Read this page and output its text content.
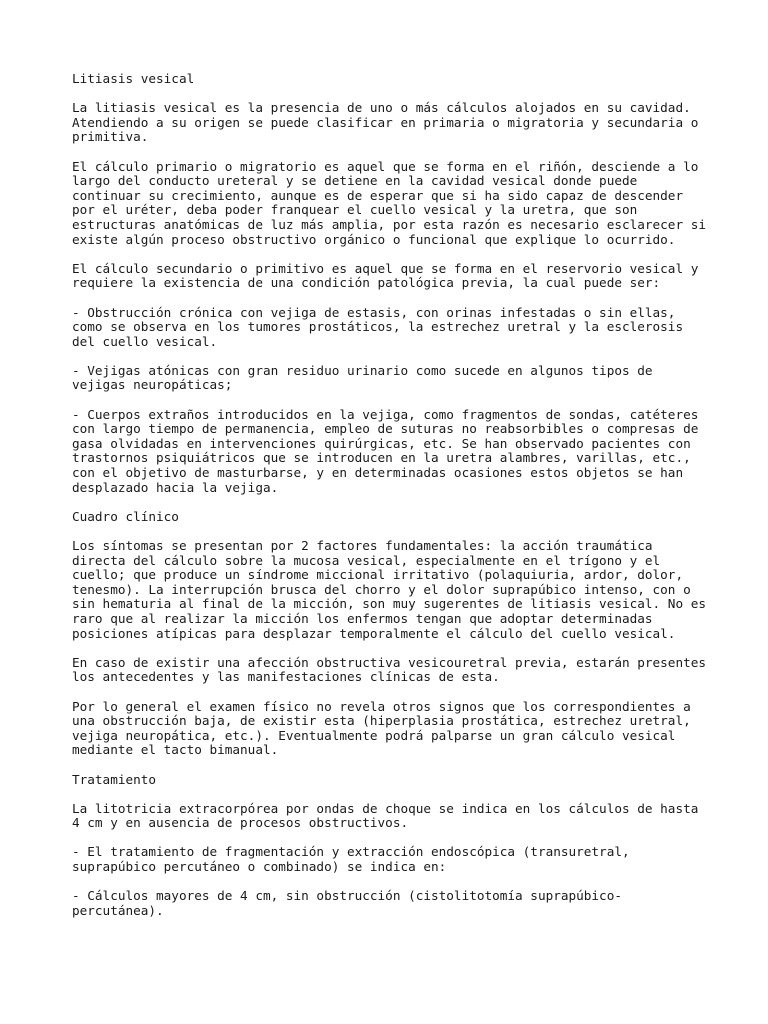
Litiasis vesical

La litiasis vesical es la presencia de uno o más cálculos alojados en su cavidad.
Atendiendo a su origen se puede clasificar en primaria o migratoria y secundaria o
primitiva.

El cálculo primario o migratorio es aquel que se forma en el riñón, desciende a lo
largo del conducto ureteral y se detiene en la cavidad vesical donde puede
continuar su crecimiento, aunque es de esperar que si ha sido capaz de descender
por el uréter, deba poder franquear el cuello vesical y la uretra, que son
estructuras anatómicas de luz más amplia, por esta razón es necesario esclarecer si
existe algún proceso obstructivo orgánico o funcional que explique lo ocurrido.

El cálculo secundario o primitivo es aquel que se forma en el reservorio vesical y
requiere la existencia de una condición patológica previa, la cual puede ser:

- Obstrucción crónica con vejiga de estasis, con orinas infestadas o sin ellas,
como se observa en los tumores prostáticos, la estrechez uretral y la esclerosis
del cuello vesical.

- Vejigas atónicas con gran residuo urinario como sucede en algunos tipos de
vejigas neuropáticas;

- Cuerpos extraños introducidos en la vejiga, como fragmentos de sondas, catéteres
con largo tiempo de permanencia, empleo de suturas no reabsorbibles o compresas de
gasa olvidadas en intervenciones quirúrgicas, etc. Se han observado pacientes con
trastornos psiquiátricos que se introducen en la uretra alambres, varillas, etc.,
con el objetivo de masturbarse, y en determinadas ocasiones estos objetos se han
desplazado hacia la vejiga.

Cuadro clínico

Los síntomas se presentan por 2 factores fundamentales: la acción traumática
directa del cálculo sobre la mucosa vesical, especialmente en el trígono y el
cuello; que produce un síndrome miccional irritativo (polaquiuria, ardor, dolor,
tenesmo). La interrupción brusca del chorro y el dolor suprapúbico intenso, con o
sin hematuria al final de la micción, son muy sugerentes de litiasis vesical. No es
raro que al realizar la micción los enfermos tengan que adoptar determinadas
posiciones atípicas para desplazar temporalmente el cálculo del cuello vesical.

En caso de existir una afección obstructiva vesicouretral previa, estarán presentes
los antecedentes y las manifestaciones clínicas de esta.

Por lo general el examen físico no revela otros signos que los correspondientes a
una obstrucción baja, de existir esta (hiperplasia prostática, estrechez uretral,
vejiga neuropática, etc.). Eventualmente podrá palparse un gran cálculo vesical
mediante el tacto bimanual.

Tratamiento

La litotricia extracorpórea por ondas de choque se indica en los cálculos de hasta
4 cm y en ausencia de procesos obstructivos.

- El tratamiento de fragmentación y extracción endoscópica (transuretral,
suprapúbico percutáneo o combinado) se indica en:

- Cálculos mayores de 4 cm, sin obstrucción (cistolitotomía suprapúbico-
percutánea).
